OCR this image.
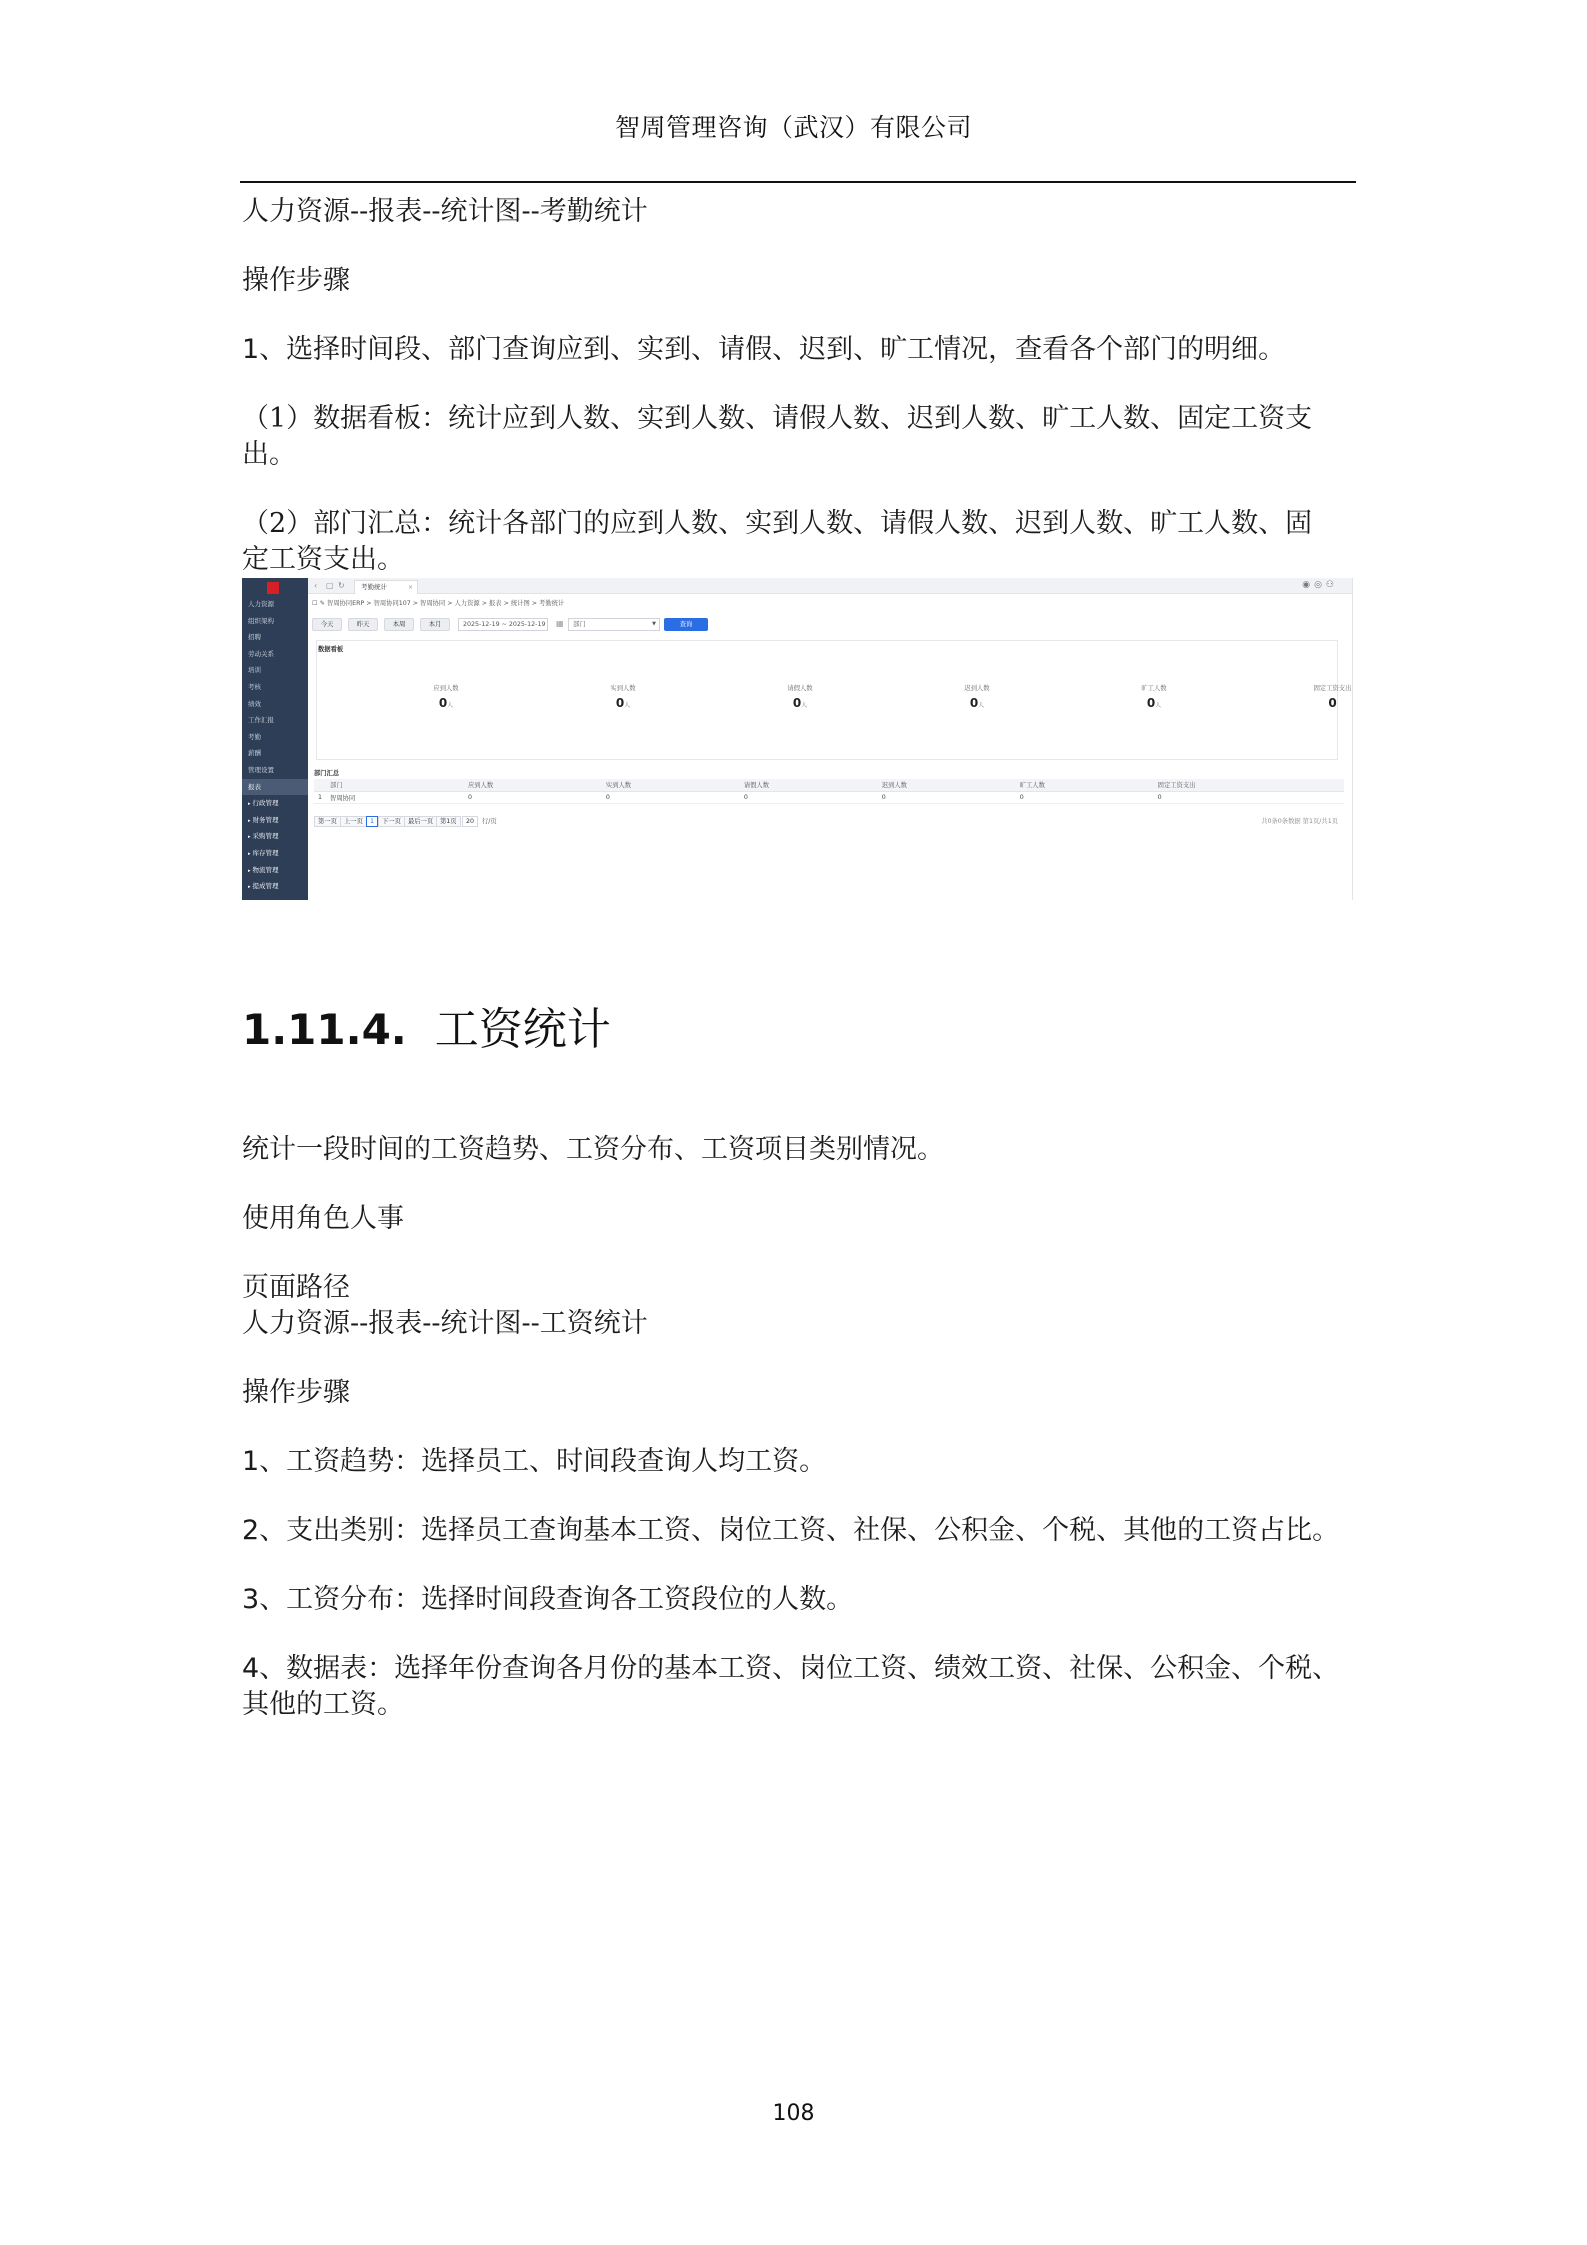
智周管理咨询（武汉）有限公司
人力资源--报表--统计图--考勤统计
操作步骤
1、选择时间段、部门查询应到、实到、请假、迟到、旷工情况，查看各个部门的明细。
（1）数据看板：统计应到人数、实到人数、请假人数、迟到人数、旷工人数、固定工资支
出。
（2）部门汇总：统计各部门的应到人数、实到人数、请假人数、迟到人数、旷工人数、固
定工资支出。
人力资源
组织架构
招聘
劳动关系
培训
考核
绩效
工作汇报
考勤
薪酬
管理设置
报表
▸ 行政管理
▸ 财务管理
▸ 采购管理
▸ 库存管理
▸ 物流管理
▸ 提成管理
‹ ▢ ↻	考勤统计	×	◉◎⚇
☐ ✎ 智周协同ERP > 智周协同107 > 智周协同 > 人力资源 > 报表 > 统计图 > 考勤统计
今天	昨天	本周	本月	2025-12-19 ~ 2025-12-19	▦	部门	▼	查询
数据看板
应到人数
0人
实到人数
0人
请假人数
0人
迟到人数
0人
旷工人数
0人
固定工资支出
0
部门汇总
	部门	应到人数	实到人数	请假人数	迟到人数	旷工人数	固定工资支出
1	智周协同	0	0	0	0	0	0
第一页	上一页	1	下一页	最后一页	第1页	20	行/页	共0条0条数据 第1页/共1页
1.11.4. 工资统计
统计一段时间的工资趋势、工资分布、工资项目类别情况。
使用角色人事
页面路径
人力资源--报表--统计图--工资统计
操作步骤
1、工资趋势：选择员工、时间段查询人均工资。
2、支出类别：选择员工查询基本工资、岗位工资、社保、公积金、个税、其他的工资占比。
3、工资分布：选择时间段查询各工资段位的人数。
4、数据表：选择年份查询各月份的基本工资、岗位工资、绩效工资、社保、公积金、个税、
其他的工资。
108
